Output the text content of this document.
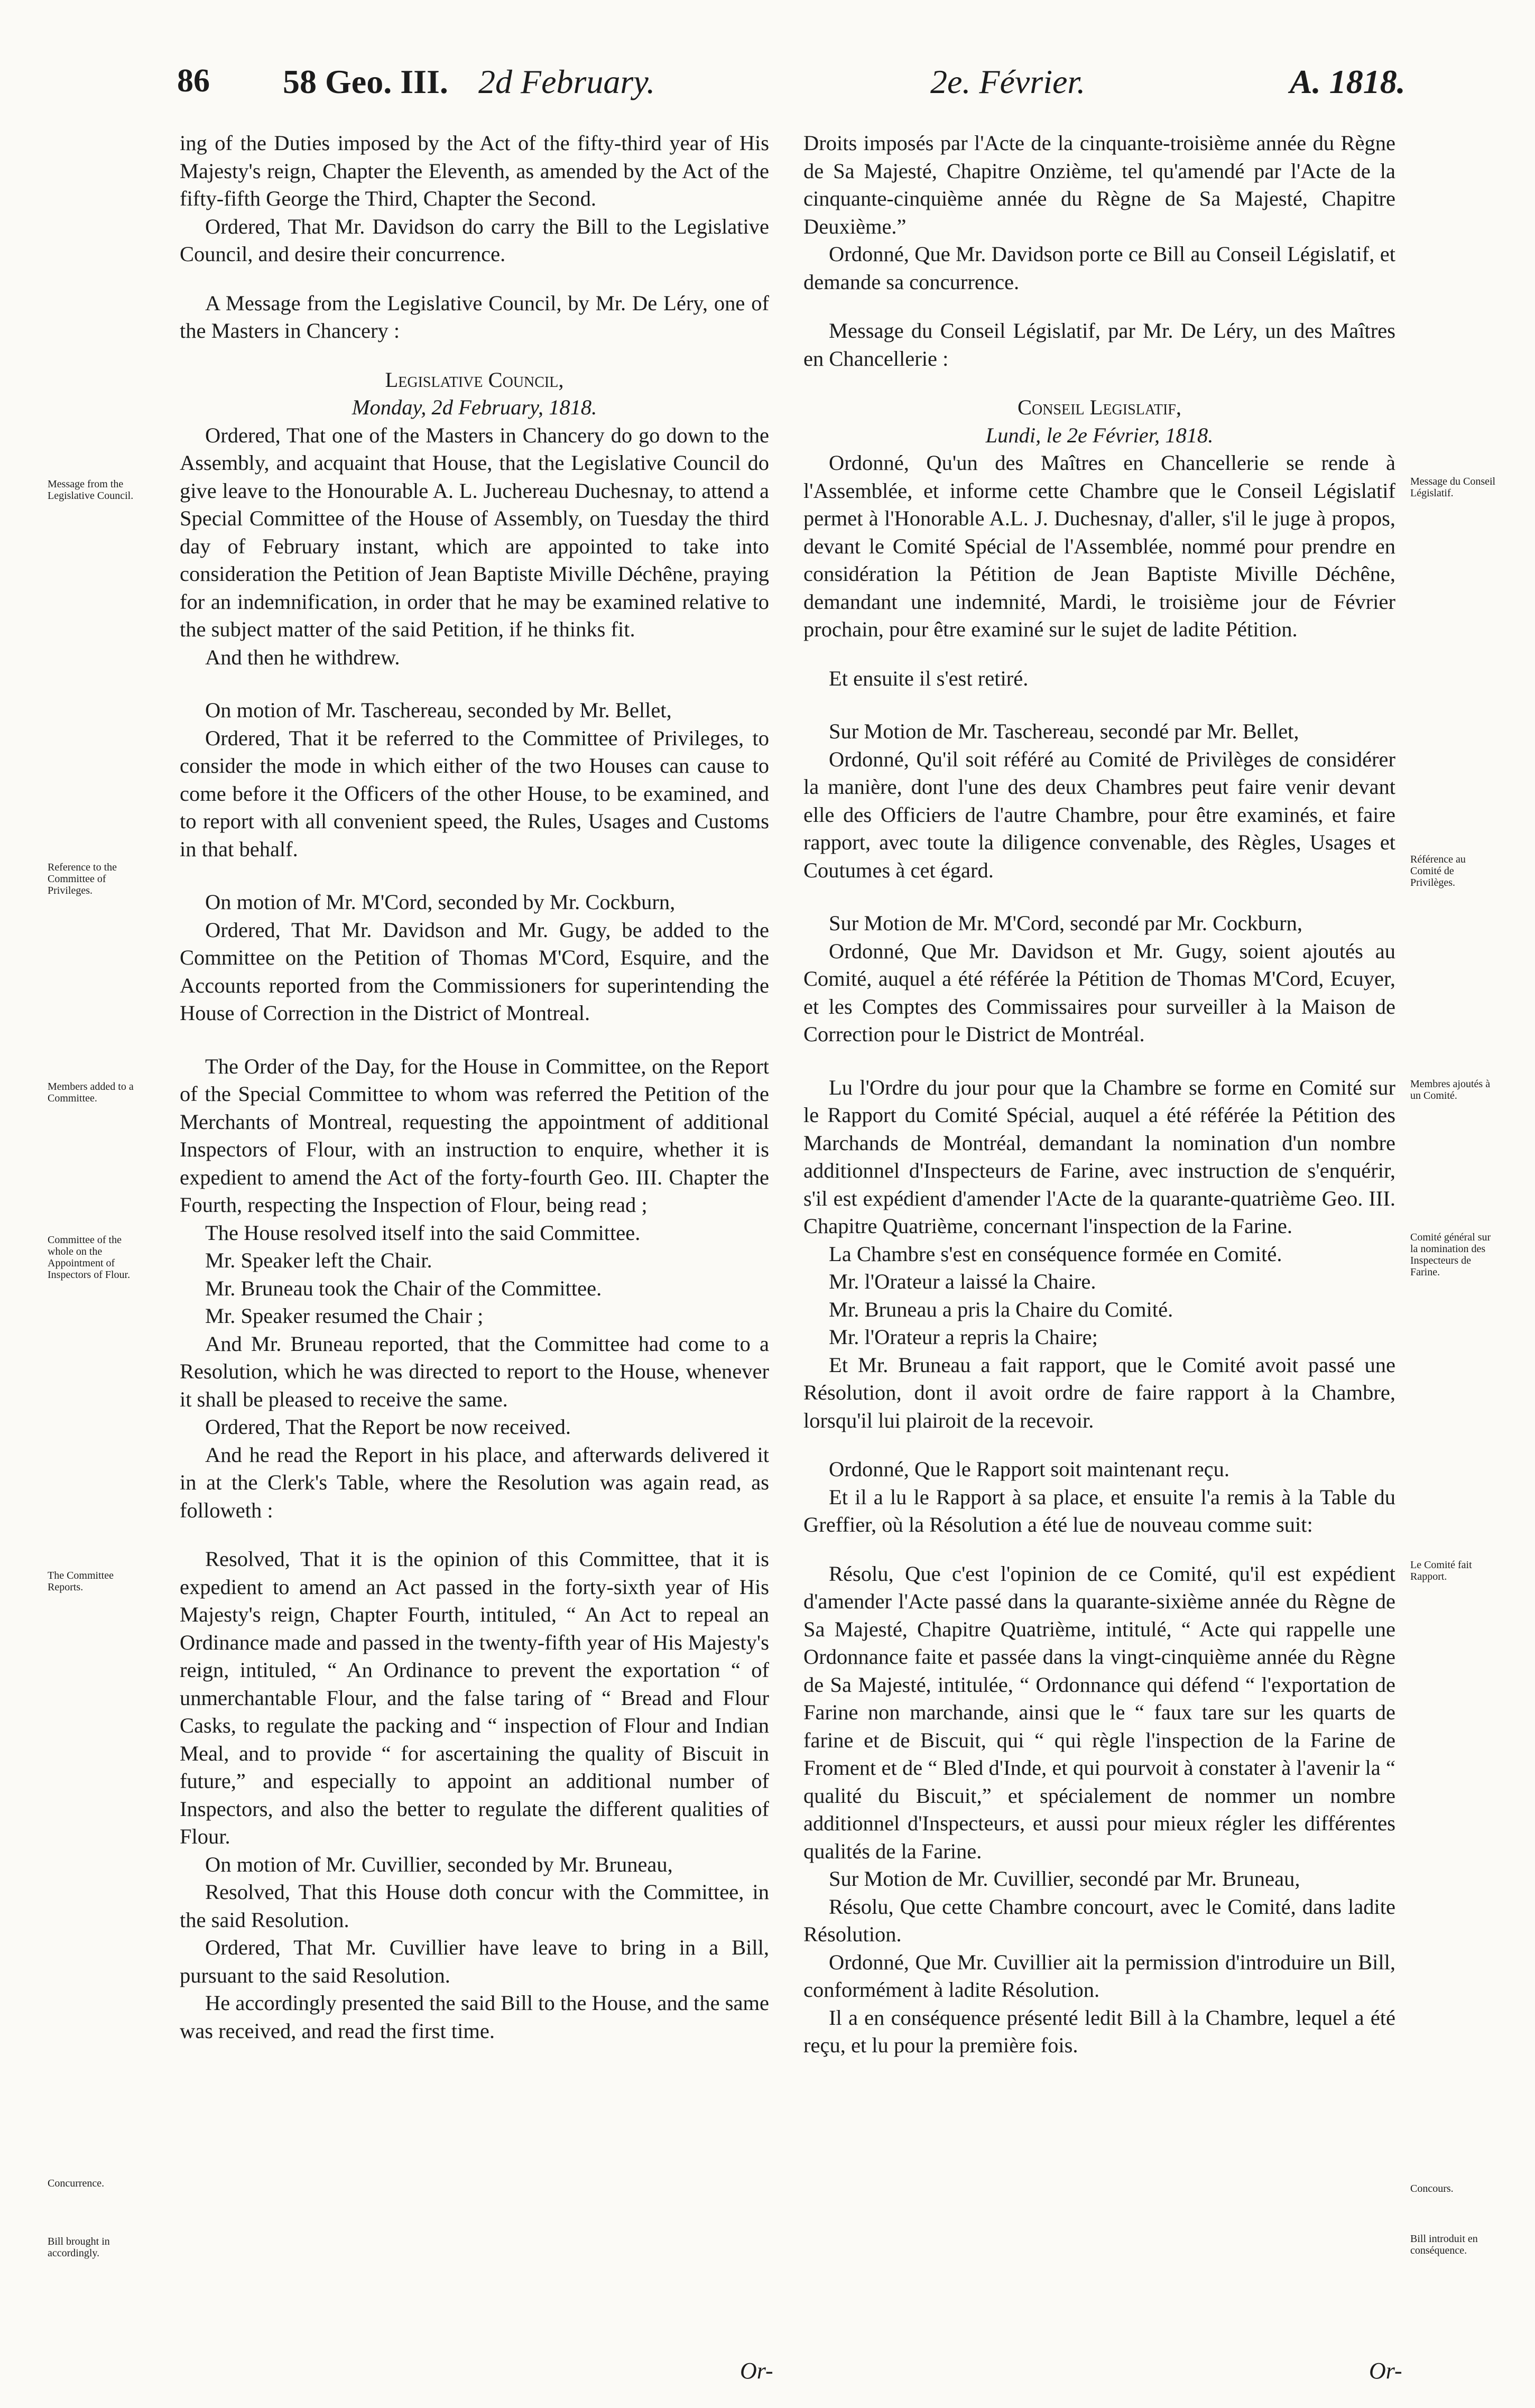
86 58 Geo. III. 2d February.	2e. Février.	A. 1818.

ing of the Duties imposed by the Act of the fifty-third year of His Majesty's reign, Chapter the Eleventh, as amended by the Act of the fifty-fifth George the Third, Chapter the Second.

Ordered, That Mr. Davidson do carry the Bill to the Legislative Council, and desire their concurrence.

A Message from the Legislative Council, by Mr. De Léry, one of the Masters in Chancery :

Legislative Council,

Monday, 2d February, 1818.

Ordered, That one of the Masters in Chancery do go down to the Assembly, and acquaint that House, that the Legislative Council do give leave to the Honourable A. L. Juchereau Duchesnay, to attend a Special Committee of the House of Assembly, on Tuesday the third day of February instant, which are appointed to take into consideration the Petition of Jean Baptiste Miville Déchêne, praying for an indemnification, in order that he may be examined relative to the subject matter of the said Petition, if he thinks fit.

And then he withdrew.

On motion of Mr. Taschereau, seconded by Mr. Bellet,

Ordered, That it be referred to the Committee of Privileges, to consider the mode in which either of the two Houses can cause to come before it the Officers of the other House, to be examined, and to report with all convenient speed, the Rules, Usages and Customs in that behalf.

On motion of Mr. M'Cord, seconded by Mr. Cockburn,

Ordered, That Mr. Davidson and Mr. Gugy, be added to the Committee on the Petition of Thomas M'Cord, Esquire, and the Accounts reported from the Commissioners for superintending the House of Correction in the District of Montreal.

The Order of the Day, for the House in Committee, on the Report of the Special Committee to whom was referred the Petition of the Merchants of Montreal, requesting the appointment of additional Inspectors of Flour, with an instruction to enquire, whether it is expedient to amend the Act of the forty-fourth Geo. III. Chapter the Fourth, respecting the Inspection of Flour, being read ;

The House resolved itself into the said Committee.

Mr. Speaker left the Chair.

Mr. Bruneau took the Chair of the Committee.

Mr. Speaker resumed the Chair ;

And Mr. Bruneau reported, that the Committee had come to a Resolution, which he was directed to report to the House, whenever it shall be pleased to receive the same.

Ordered, That the Report be now received.

And he read the Report in his place, and afterwards delivered it in at the Clerk's Table, where the Resolution was again read, as followeth :

Resolved, That it is the opinion of this Committee, that it is expedient to amend an Act passed in the forty-sixth year of His Majesty's reign, Chapter Fourth, intituled, “ An Act to repeal an Ordinance made and passed in the twenty-fifth year of His Majesty's reign, intituled, “ An Ordinance to prevent the exportation “ of unmerchantable Flour, and the false taring of “ Bread and Flour Casks, to regulate the packing and “ inspection of Flour and Indian Meal, and to provide “ for ascertaining the quality of Biscuit in future,” and especially to appoint an additional number of Inspectors, and also the better to regulate the different qualities of Flour.

On motion of Mr. Cuvillier, seconded by Mr. Bruneau,

Resolved, That this House doth concur with the Committee, in the said Resolution.

Ordered, That Mr. Cuvillier have leave to bring in a Bill, pursuant to the said Resolution.

He accordingly presented the said Bill to the House, and the same was received, and read the first time.

Droits imposés par l'Acte de la cinquante-troisième année du Règne de Sa Majesté, Chapitre Onzième, tel qu'amendé par l'Acte de la cinquante-cinquième année du Règne de Sa Majesté, Chapitre Deuxième.”

Ordonné, Que Mr. Davidson porte ce Bill au Conseil Législatif, et demande sa concurrence.

Message du Conseil Législatif, par Mr. De Léry, un des Maîtres en Chancellerie :

Conseil Legislatif,

Lundi, le 2e Février, 1818.

Ordonné, Qu'un des Maîtres en Chancellerie se rende à l'Assemblée, et informe cette Chambre que le Conseil Législatif permet à l'Honorable A.L. J. Duchesnay, d'aller, s'il le juge à propos, devant le Comité Spécial de l'Assemblée, nommé pour prendre en considération la Pétition de Jean Baptiste Miville Déchêne, demandant une indemnité, Mardi, le troisième jour de Février prochain, pour être examiné sur le sujet de ladite Pétition.

Et ensuite il s'est retiré.

Sur Motion de Mr. Taschereau, secondé par Mr. Bellet,

Ordonné, Qu'il soit référé au Comité de Privilèges de considérer la manière, dont l'une des deux Chambres peut faire venir devant elle des Officiers de l'autre Chambre, pour être examinés, et faire rapport, avec toute la diligence convenable, des Règles, Usages et Coutumes à cet égard.

Sur Motion de Mr. M'Cord, secondé par Mr. Cockburn,

Ordonné, Que Mr. Davidson et Mr. Gugy, soient ajoutés au Comité, auquel a été référée la Pétition de Thomas M'Cord, Ecuyer, et les Comptes des Commissaires pour surveiller à la Maison de Correction pour le District de Montréal.

Lu l'Ordre du jour pour que la Chambre se forme en Comité sur le Rapport du Comité Spécial, auquel a été référée la Pétition des Marchands de Montréal, demandant la nomination d'un nombre additionnel d'Inspecteurs de Farine, avec instruction de s'enquérir, s'il est expédient d'amender l'Acte de la quarante-quatrième Geo. III. Chapitre Quatrième, concernant l'inspection de la Farine.

La Chambre s'est en conséquence formée en Comité.

Mr. l'Orateur a laissé la Chaire.

Mr. Bruneau a pris la Chaire du Comité.

Mr. l'Orateur a repris la Chaire;

Et Mr. Bruneau a fait rapport, que le Comité avoit passé une Résolution, dont il avoit ordre de faire rapport à la Chambre, lorsqu'il lui plairoit de la recevoir.

Ordonné, Que le Rapport soit maintenant reçu.

Et il a lu le Rapport à sa place, et ensuite l'a remis à la Table du Greffier, où la Résolution a été lue de nouveau comme suit:

Résolu, Que c'est l'opinion de ce Comité, qu'il est expédient d'amender l'Acte passé dans la quarante-sixième année du Règne de Sa Majesté, Chapitre Quatrième, intitulé, “ Acte qui rappelle une Ordonnance faite et passée dans la vingt-cinquième année du Règne de Sa Majesté, intitulée, “ Ordonnance qui défend “ l'exportation de Farine non marchande, ainsi que le “ faux tare sur les quarts de farine et de Biscuit, qui “ qui règle l'inspection de la Farine de Froment et de “ Bled d'Inde, et qui pourvoit à constater à l'avenir la “ qualité du Biscuit,” et spécialement de nommer un nombre additionnel d'Inspecteurs, et aussi pour mieux régler les différentes qualités de la Farine.

Sur Motion de Mr. Cuvillier, secondé par Mr. Bruneau,

Résolu, Que cette Chambre concourt, avec le Comité, dans ladite Résolution.

Ordonné, Que Mr. Cuvillier ait la permission d'introduire un Bill, conformément à ladite Résolution.

Il a en conséquence présenté ledit Bill à la Chambre, lequel a été reçu, et lu pour la première fois.

Message from the Legislative Council.
Reference to the Committee of Privileges.
Members added to a Committee.
Committee of the whole on the Appointment of Inspectors of Flour.
The Committee Reports.
Concurrence.
Bill brought in accordingly.
Message du Conseil Législatif.
Référence au Comité de Privilèges.
Membres ajoutés à un Comité.
Comité général sur la nomination des Inspecteurs de Farine.
Le Comité fait Rapport.
Concours.
Bill introduit en conséquence.
Or-	Or-
